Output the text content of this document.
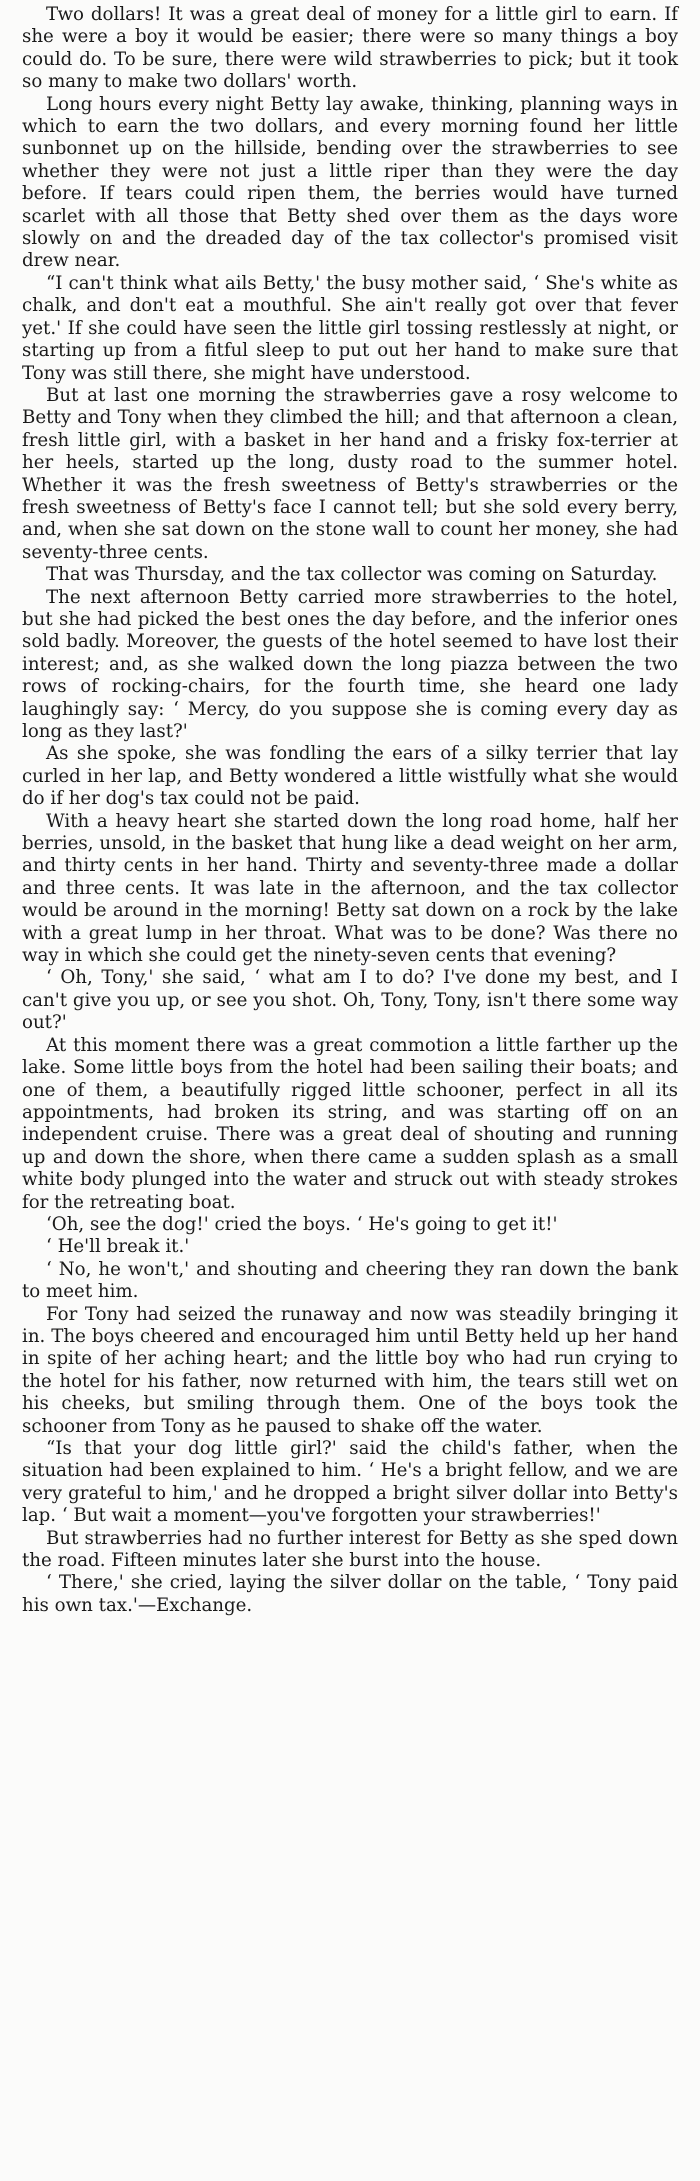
Two dollars! It was a great deal of money for a little girl to earn. If she were a boy it would be easier; there were so many things a boy could do. To be sure, there were wild strawberries to pick; but it took so many to make two dollars' worth.

Long hours every night Betty lay awake, thinking, planning ways in which to earn the two dollars, and every morning found her little sunbonnet up on the hillside, bending over the strawberries to see whether they were not just a little riper than they were the day before. If tears could ripen them, the berries would have turned scarlet with all those that Betty shed over them as the days wore slowly on and the dreaded day of the tax collector's promised visit drew near.

“I can't think what ails Betty,' the busy mother said, ‘ She's white as chalk, and don't eat a mouthful. She ain't really got over that fever yet.' If she could have seen the little girl tossing restlessly at night, or starting up from a fitful sleep to put out her hand to make sure that Tony was still there, she might have understood.

But at last one morning the strawberries gave a rosy welcome to Betty and Tony when they climbed the hill; and that afternoon a clean, fresh little girl, with a basket in her hand and a frisky fox-terrier at her heels, started up the long, dusty road to the summer hotel. Whether it was the fresh sweetness of Betty's strawberries or the fresh sweetness of Betty's face I cannot tell; but she sold every berry, and, when she sat down on the stone wall to count her money, she had seventy-three cents.

That was Thursday, and the tax collector was coming on Saturday.

The next afternoon Betty carried more strawberries to the hotel, but she had picked the best ones the day before, and the inferior ones sold badly. Moreover, the guests of the hotel seemed to have lost their interest; and, as she walked down the long piazza between the two rows of rocking-chairs, for the fourth time, she heard one lady laughingly say: ‘ Mercy, do you suppose she is coming every day as long as they last?'

As she spoke, she was fondling the ears of a silky terrier that lay curled in her lap, and Betty wondered a little wistfully what she would do if her dog's tax could not be paid.

With a heavy heart she started down the long road home, half her berries, unsold, in the basket that hung like a dead weight on her arm, and thirty cents in her hand. Thirty and seventy-three made a dollar and three cents. It was late in the afternoon, and the tax collector would be around in the morning! Betty sat down on a rock by the lake with a great lump in her throat. What was to be done? Was there no way in which she could get the ninety-seven cents that evening?

‘ Oh, Tony,' she said, ‘ what am I to do? I've done my best, and I can't give you up, or see you shot. Oh, Tony, Tony, isn't there some way out?'

At this moment there was a great commotion a little farther up the lake. Some little boys from the hotel had been sailing their boats; and one of them, a beautifully rigged little schooner, perfect in all its appointments, had broken its string, and was starting off on an independent cruise. There was a great deal of shouting and running up and down the shore, when there came a sudden splash as a small white body plunged into the water and struck out with steady strokes for the retreating boat.

‘Oh, see the dog!' cried the boys. ‘ He's going to get it!'

‘ He'll break it.'

‘ No, he won't,' and shouting and cheering they ran down the bank to meet him.

For Tony had seized the runaway and now was steadily bringing it in. The boys cheered and encouraged him until Betty held up her hand in spite of her aching heart; and the little boy who had run crying to the hotel for his father, now returned with him, the tears still wet on his cheeks, but smiling through them. One of the boys took the schooner from Tony as he paused to shake off the water.

“Is that your dog little girl?' said the child's father, when the situation had been explained to him. ‘ He's a bright fellow, and we are very grateful to him,' and he dropped a bright silver dollar into Betty's lap. ‘ But wait a moment—you've forgotten your strawberries!'

But strawberries had no further interest for Betty as she sped down the road. Fifteen minutes later she burst into the house.

‘ There,' she cried, laying the silver dollar on the table, ‘ Tony paid his own tax.'—Exchange.
